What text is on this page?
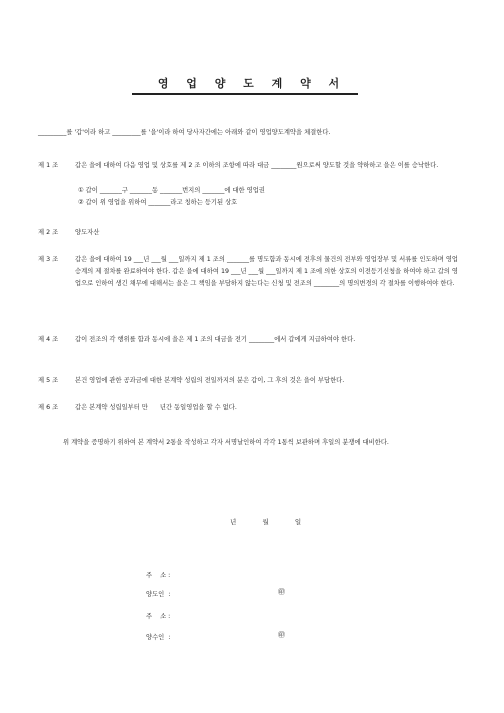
영 업 양 도 계 약 서
_________를 '갑'이라 하고 _________를 '을'이라 하여 당사자간에는 아래와 같이 영업양도계약을 체결한다.
제 1 조	갑은 을에 대하여 다음 영업 및 상호를 제 2 조 이하의 조항에 따라 대금 ________원으로써 양도할 것을 약하하고 을은 이를 승낙한다.
① 갑이 _______구 _______동 _______번지의 _______에 대한 영업권
② 갑이 위 영업을 위하여 _______라고 칭하는 등기된 상호
제 2 조	양도자산
제 3 조	갑은 을에 대하여 19 ___년 ___월 ___일까지 제 1 조의 _______를 명도함과 동시에 전후의 물건의 전부와 영업장부 및 서류를 인도하며 영업승계의 제 절차를 완료하여야 한다. 갑은 을에 대하여 19 ___년 ___월 ___일까지 제 1 조에 의한 상호의 이전등기신청을 하여야 하고 갑의 영업으로 인하여 생긴 채무에 대해서는 을은 그 책임을 부담하지 않는다는 신청 및 전조의 ________의 명의변경의 각 절차를 이행하여야 한다.
제 4 조	갑이 전조의 각 행위를 함과 동시에 을은 제 1 조의 대금을 전기 ________에서 갑에게 지급하여야 한다.
제 5 조	본건 영업에 관한 공과금에 대한 본계약 성립의 전일까지의 분은 갑이, 그 후의 것은 을이 부담한다.
제 6 조	갑은 본계약 성립일부터 만      년간 동일영업을 할 수 없다.
위 계약을 증명하기 위하여 본 계약서 2통을 작성하고 각자 서명날인하여 각각 1통씩 보관하며 후일의 분쟁에 대비한다.
년	월	일
주    소 :
양도인  :	㊞
주    소 :
양수인  :	㊞
